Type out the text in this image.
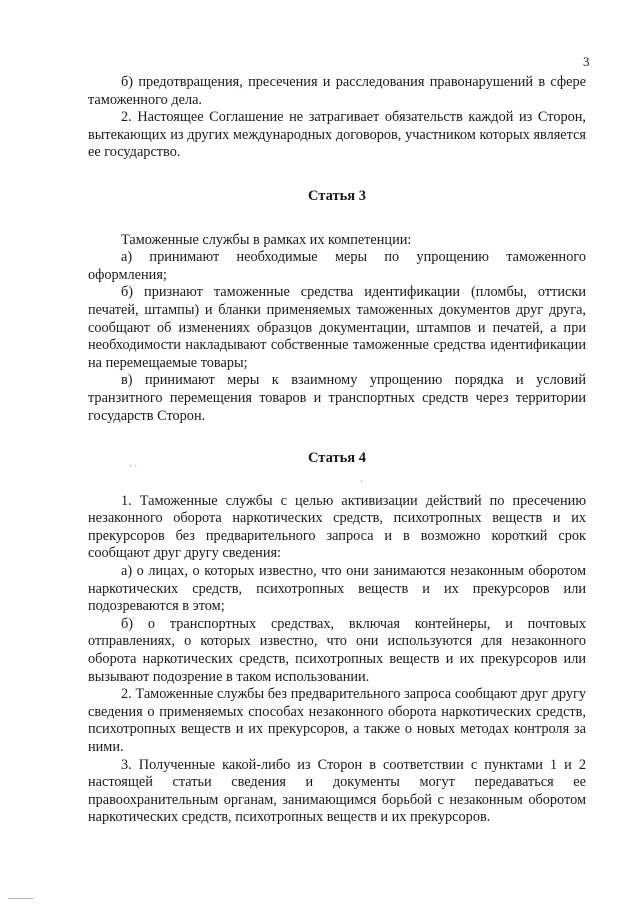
3

б) предотвращения, пресечения и расследования правонарушений в сфере таможенного дела.

2. Настоящее Соглашение не затрагивает обязательств каждой из Сторон, вытекающих из других международных договоров, участником которых является ее государство.

Статья 3

Таможенные службы в рамках их компетенции:

а) принимают необходимые меры по упрощению таможенного оформления;

б) признают таможенные средства идентификации (пломбы, оттиски печатей, штампы) и бланки применяемых таможенных документов друг друга, сообщают об изменениях образцов документации, штампов и печатей, а при необходимости накладывают собственные таможенные средства идентификации на перемещаемые товары;

в) принимают меры к взаимному упрощению порядка и условий транзитного перемещения товаров и транспортных средств через территории государств Сторон.

Статья 4

1. Таможенные службы с целью активизации действий по пресечению незаконного оборота наркотических средств, психотропных веществ и их прекурсоров без предварительного запроса и в возможно короткий срок сообщают друг другу сведения:

а) о лицах, о которых известно, что они занимаются незаконным оборотом наркотических средств, психотропных веществ и их прекурсоров или подозреваются в этом;

б) о транспортных средствах, включая контейнеры, и почтовых отправлениях, о которых известно, что они используются для незаконного оборота наркотических средств, психотропных веществ и их прекурсоров или вызывают подозрение в таком использовании.

2. Таможенные службы без предварительного запроса сообщают друг другу сведения о применяемых способах незаконного оборота наркотических средств, психотропных веществ и их прекурсоров, а также о новых методах контроля за ними.

3. Полученные какой-либо из Сторон в соответствии с пунктами 1 и 2 настоящей статьи сведения и документы могут передаваться ее правоохранительным органам, занимающимся борьбой с незаконным оборотом наркотических средств, психотропных веществ и их прекурсоров.

· ·
·
